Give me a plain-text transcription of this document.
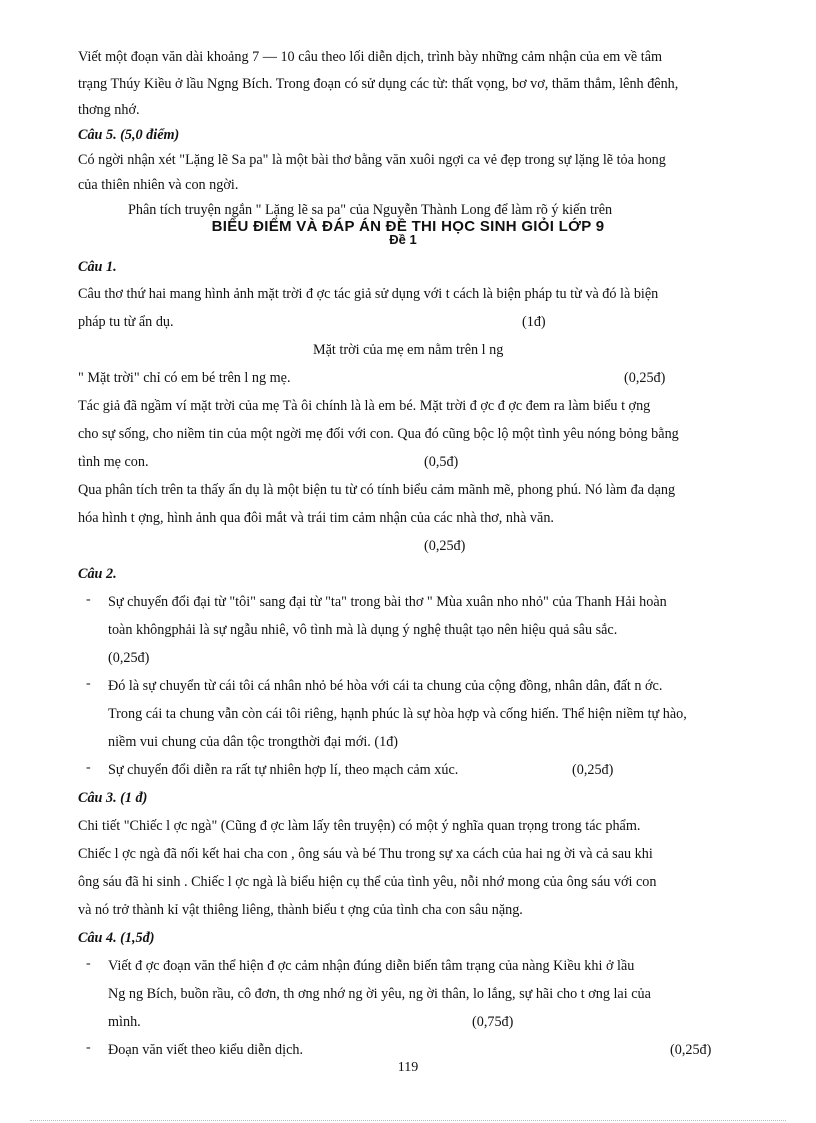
Viết một đoạn văn dài khoảng 7 — 10 câu theo lối diễn dịch, trình bày những cảm nhận của em về tâm
trạng Thúy Kiều ở lầu Ngng Bích. Trong đoạn có sử dụng các từ: thất vọng, bơ vơ, thăm thẳm, lênh đênh,
thơng nhớ.
Câu 5. (5,0 điểm)
Có ngời nhận xét "Lặng lẽ Sa pa" là một bài thơ bằng văn xuôi ngợi ca vẻ đẹp trong sự lặng lẽ tỏa hong
của thiên nhiên và con ngời.
Phân tích truyện ngắn " Lặng lẽ sa pa" của Nguyễn Thành Long để làm rõ ý kiến trên
BIỂU ĐIỂM VÀ ĐÁP ÁN ĐỀ THI HỌC SINH GIỎI LỚP 9
Đề 1
Câu 1.
Câu thơ thứ hai mang hình ảnh mặt trời đ ợc tác giả sử dụng với t cách là biện pháp tu từ và đó là biện
pháp tu từ ẩn dụ.	(1đ)
Mặt trời của mẹ em nằm trên l ng
" Mặt trời" chỉ có em bé trên l ng mẹ.	(0,25đ)
Tác giả đã ngầm ví mặt trời của mẹ Tà ôi chính là là em bé. Mặt trời đ ợc đ ợc đem ra làm biểu t ợng
cho sự sống, cho niềm tin của một ngời mẹ đối với con. Qua đó cũng bộc lộ một tình yêu nóng bỏng bằng
tình mẹ con.	(0,5đ)
Qua phân tích trên ta thấy ẩn dụ là một biện tu từ có tính biểu cảm mãnh mẽ, phong phú. Nó làm đa dạng
hóa hình t ợng, hình ảnh qua đôi mắt và trái tim cảm nhận của các nhà thơ, nhà văn.
(0,25đ)
Câu 2.
- Sự chuyển đổi đại từ "tôi" sang đại từ "ta" trong bài thơ " Mùa xuân nho nhỏ" của Thanh Hải hoàn
toàn khôngphải là sự ngẫu nhiê, vô tình mà là dụng ý nghệ thuật tạo nên hiệu quả sâu sắc.
(0,25đ)
- Đó là sự chuyển từ cái tôi cá nhân nhỏ bé hòa với cái ta chung của cộng đồng, nhân dân, đất n ớc.
Trong cái ta chung vẫn còn cái tôi riêng, hạnh phúc là sự hòa hợp và cống hiến. Thể hiện niềm tự hào,
niềm vui chung của dân tộc trongthời đại mới. (1đ)
- Sự chuyển đổi diễn ra rất tự nhiên hợp lí, theo mạch cảm xúc.	(0,25đ)
Câu 3. (1 đ)
Chi tiết "Chiếc l ợc ngà" (Cũng đ ợc làm lấy tên truyện) có một ý nghĩa quan trọng trong tác phẩm.
Chiếc l ợc ngà đã nối kết hai cha con , ông sáu và bé Thu trong sự xa cách của hai ng ời và cả sau khi
ông sáu đã hi sinh . Chiếc l ợc ngà là biểu hiện cụ thể của tình yêu, nỗi nhớ mong của ông sáu với con
và nó trở thành kỉ vật thiêng liêng, thành biểu t ợng của tình cha con sâu nặng.
Câu 4. (1,5đ)
- Viết đ ợc đoạn văn thể hiện đ ợc cảm nhận đúng diễn biến tâm trạng của nàng Kiều khi ở lầu
Ng ng Bích, buồn rầu, cô đơn, th ơng nhớ ng ời yêu, ng ời thân, lo lắng, sự hãi cho t ơng lai của
mình.	(0,75đ)
- Đoạn văn viết theo kiểu diễn dịch.	(0,25đ)
119
